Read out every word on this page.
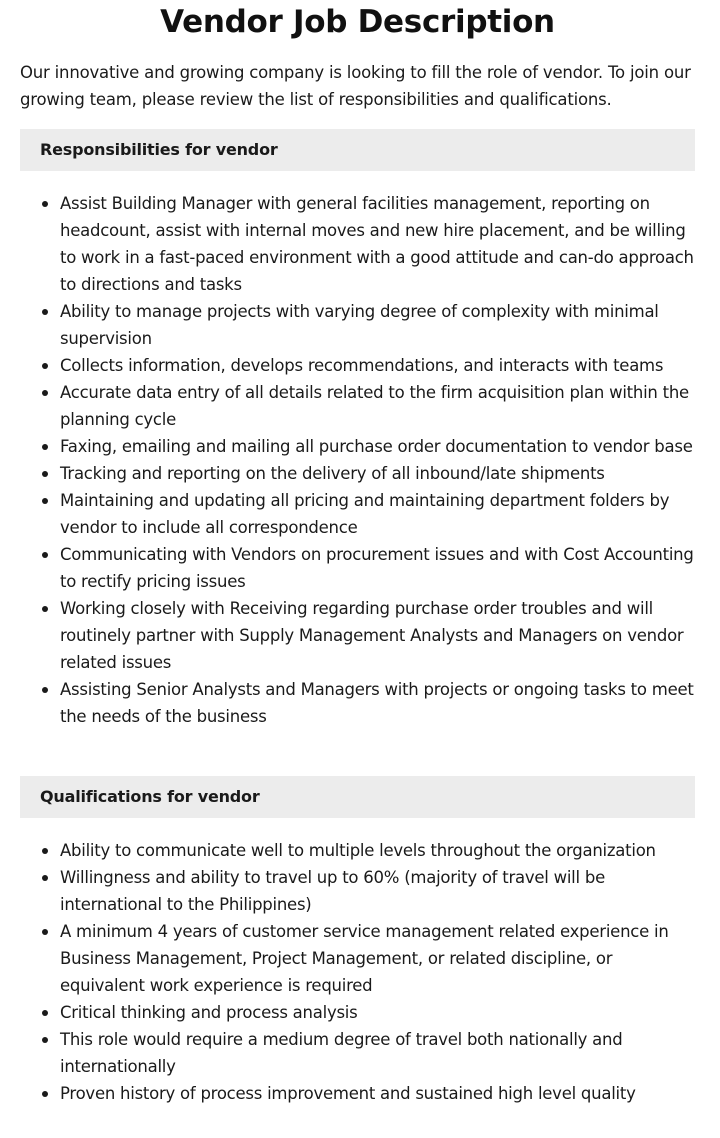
Vendor Job Description

Our innovative and growing company is looking to fill the role of vendor. To join our growing team, please review the list of responsibilities and qualifications.

Responsibilities for vendor
Assist Building Manager with general facilities management, reporting on headcount, assist with internal moves and new hire placement, and be willing to work in a fast-paced environment with a good attitude and can-do approach to directions and tasks
Ability to manage projects with varying degree of complexity with minimal supervision
Collects information, develops recommendations, and interacts with teams
Accurate data entry of all details related to the firm acquisition plan within the planning cycle
Faxing, emailing and mailing all purchase order documentation to vendor base
Tracking and reporting on the delivery of all inbound/late shipments
Maintaining and updating all pricing and maintaining department folders by vendor to include all correspondence
Communicating with Vendors on procurement issues and with Cost Accounting to rectify pricing issues
Working closely with Receiving regarding purchase order troubles and will routinely partner with Supply Management Analysts and Managers on vendor related issues
Assisting Senior Analysts and Managers with projects or ongoing tasks to meet the needs of the business
Qualifications for vendor
Ability to communicate well to multiple levels throughout the organization
Willingness and ability to travel up to 60% (majority of travel will be international to the Philippines)
A minimum 4 years of customer service management related experience in Business Management, Project Management, or related discipline, or equivalent work experience is required
Critical thinking and process analysis
This role would require a medium degree of travel both nationally and internationally
Proven history of process improvement and sustained high level quality
